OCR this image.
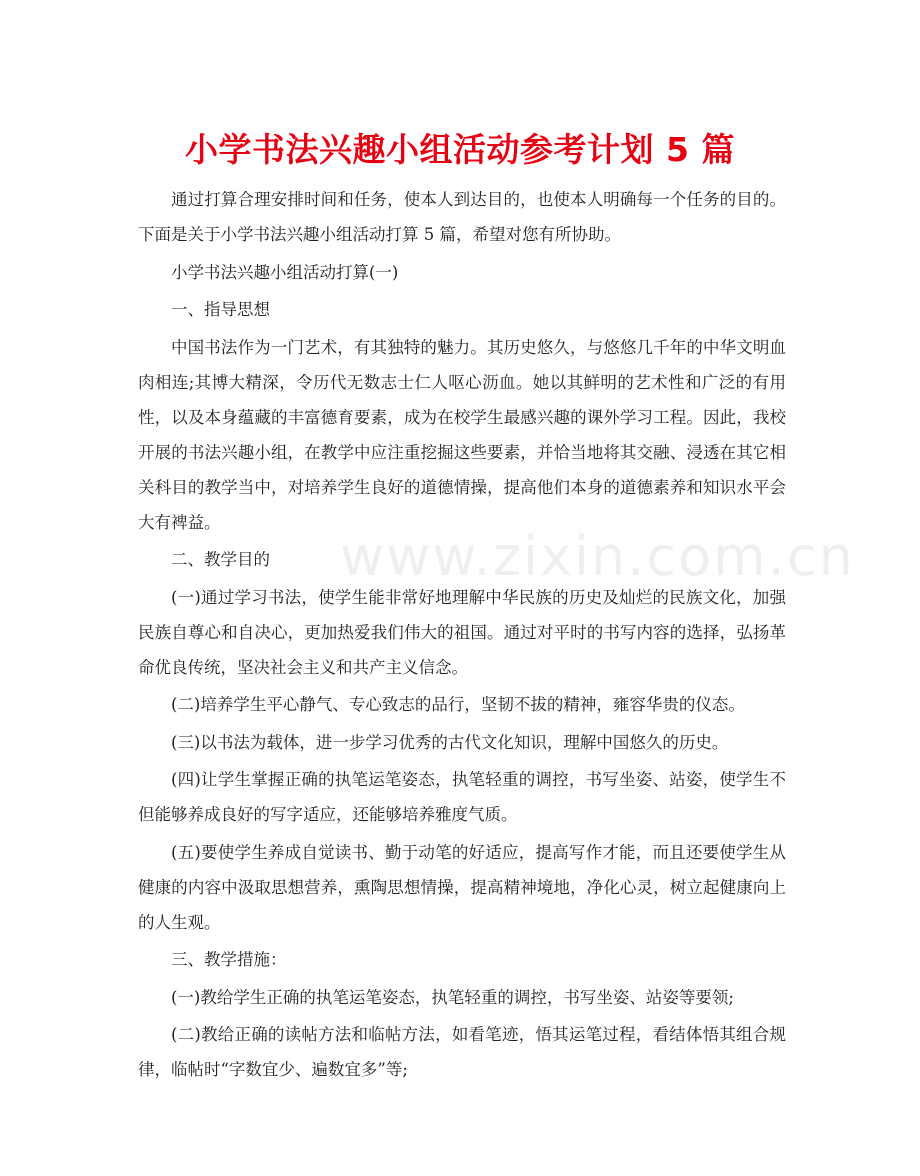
小学书法兴趣小组活动参考计划 5 篇

通过打算合理安排时间和任务，使本人到达目的，也使本人明确每一个任务的目的。下面是关于小学书法兴趣小组活动打算 5 篇，希望对您有所协助。

小学书法兴趣小组活动打算(一)

一、指导思想

中国书法作为一门艺术，有其独特的魅力。其历史悠久，与悠悠几千年的中华文明血肉相连;其博大精深，令历代无数志士仁人呕心沥血。她以其鲜明的艺术性和广泛的有用性，以及本身蕴藏的丰富德育要素，成为在校学生最感兴趣的课外学习工程。因此，我校开展的书法兴趣小组，在教学中应注重挖掘这些要素，并恰当地将其交融、浸透在其它相关科目的教学当中，对培养学生良好的道德情操，提高他们本身的道德素养和知识水平会大有裨益。

二、教学目的

(一)通过学习书法，使学生能非常好地理解中华民族的历史及灿烂的民族文化，加强民族自尊心和自决心，更加热爱我们伟大的祖国。通过对平时的书写内容的选择，弘扬革命优良传统，坚决社会主义和共产主义信念。

(二)培养学生平心静气、专心致志的品行，坚韧不拔的精神，雍容华贵的仪态。

(三)以书法为载体，进一步学习优秀的古代文化知识，理解中国悠久的历史。

(四)让学生掌握正确的执笔运笔姿态，执笔轻重的调控，书写坐姿、站姿，使学生不但能够养成良好的写字适应，还能够培养雅度气质。

(五)要使学生养成自觉读书、勤于动笔的好适应，提高写作才能，而且还要使学生从健康的内容中汲取思想营养，熏陶思想情操，提高精神境地，净化心灵，树立起健康向上的人生观。

三、教学措施：

(一)教给学生正确的执笔运笔姿态，执笔轻重的调控，书写坐姿、站姿等要领;

(二)教给正确的读帖方法和临帖方法，如看笔迹，悟其运笔过程，看结体悟其组合规律，临帖时“字数宜少、遍数宜多”等;

www.zixin.com.cn
